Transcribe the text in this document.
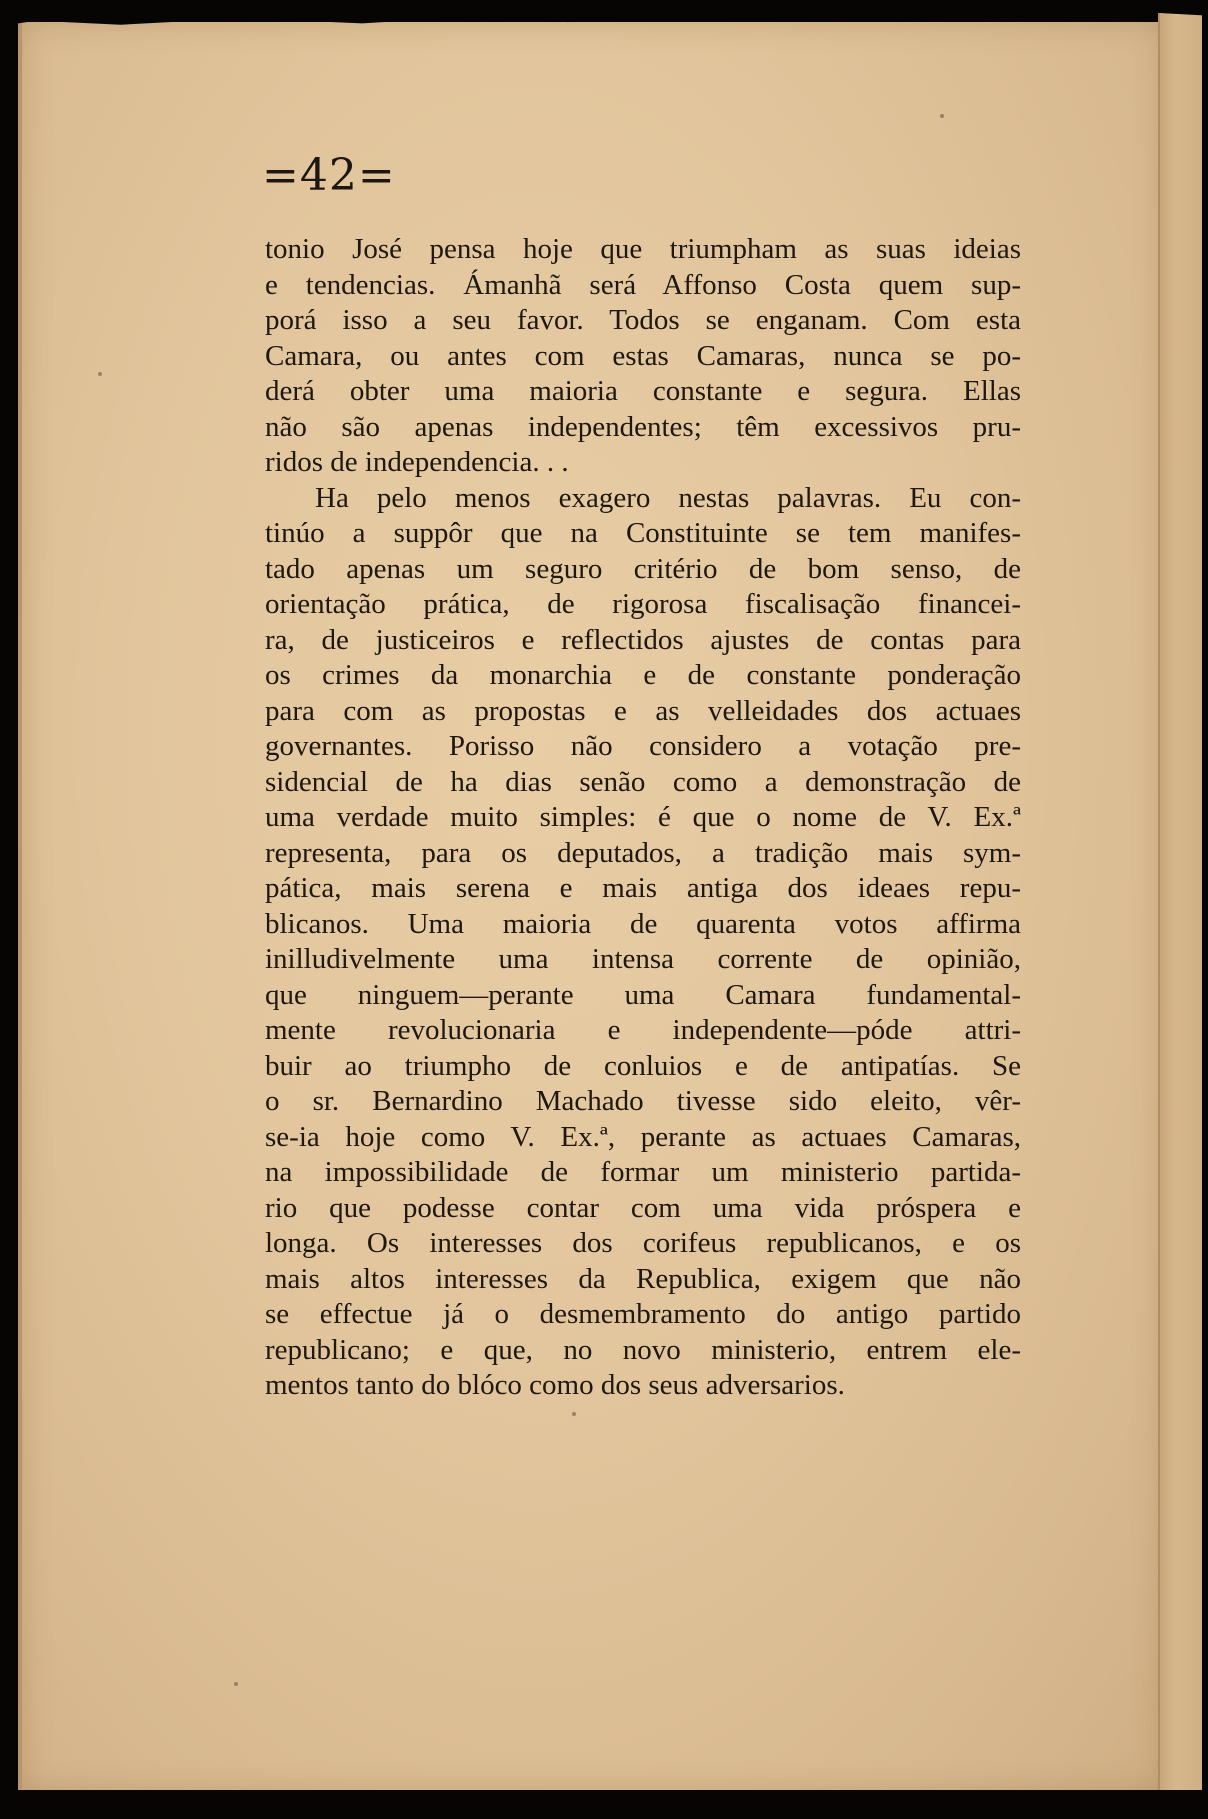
=42=
tonio José pensa hoje que triumpham as suas ideias
e tendencias. Ámanhã será Affonso Costa quem sup-
porá isso a seu favor. Todos se enganam. Com esta
Camara, ou antes com estas Camaras, nunca se po-
derá obter uma maioria constante e segura. Ellas
não são apenas independentes; têm excessivos pru-
ridos de independencia. . .
Ha pelo menos exagero nestas palavras. Eu con-
tinúo a suppôr que na Constituinte se tem manifes-
tado apenas um seguro critério de bom senso, de
orientação prática, de rigorosa fiscalisação financei-
ra, de justiceiros e reflectidos ajustes de contas para
os crimes da monarchia e de constante ponderação
para com as propostas e as velleidades dos actuaes
governantes. Porisso não considero a votação pre-
sidencial de ha dias senão como a demonstração de
uma verdade muito simples: é que o nome de V. Ex.ª
representa, para os deputados, a tradição mais sym-
pática, mais serena e mais antiga dos ideaes repu-
blicanos. Uma maioria de quarenta votos affirma
inilludivelmente uma intensa corrente de opinião,
que ninguem—perante uma Camara fundamental-
mente revolucionaria e independente—póde attri-
buir ao triumpho de conluios e de antipatías. Se
o sr. Bernardino Machado tivesse sido eleito, vêr-
se-ia hoje como V. Ex.ª, perante as actuaes Camaras,
na impossibilidade de formar um ministerio partida-
rio que podesse contar com uma vida próspera e
longa. Os interesses dos corifeus republicanos, e os
mais altos interesses da Republica, exigem que não
se effectue já o desmembramento do antigo partido
republicano; e que, no novo ministerio, entrem ele-
mentos tanto do blóco como dos seus adversarios.
